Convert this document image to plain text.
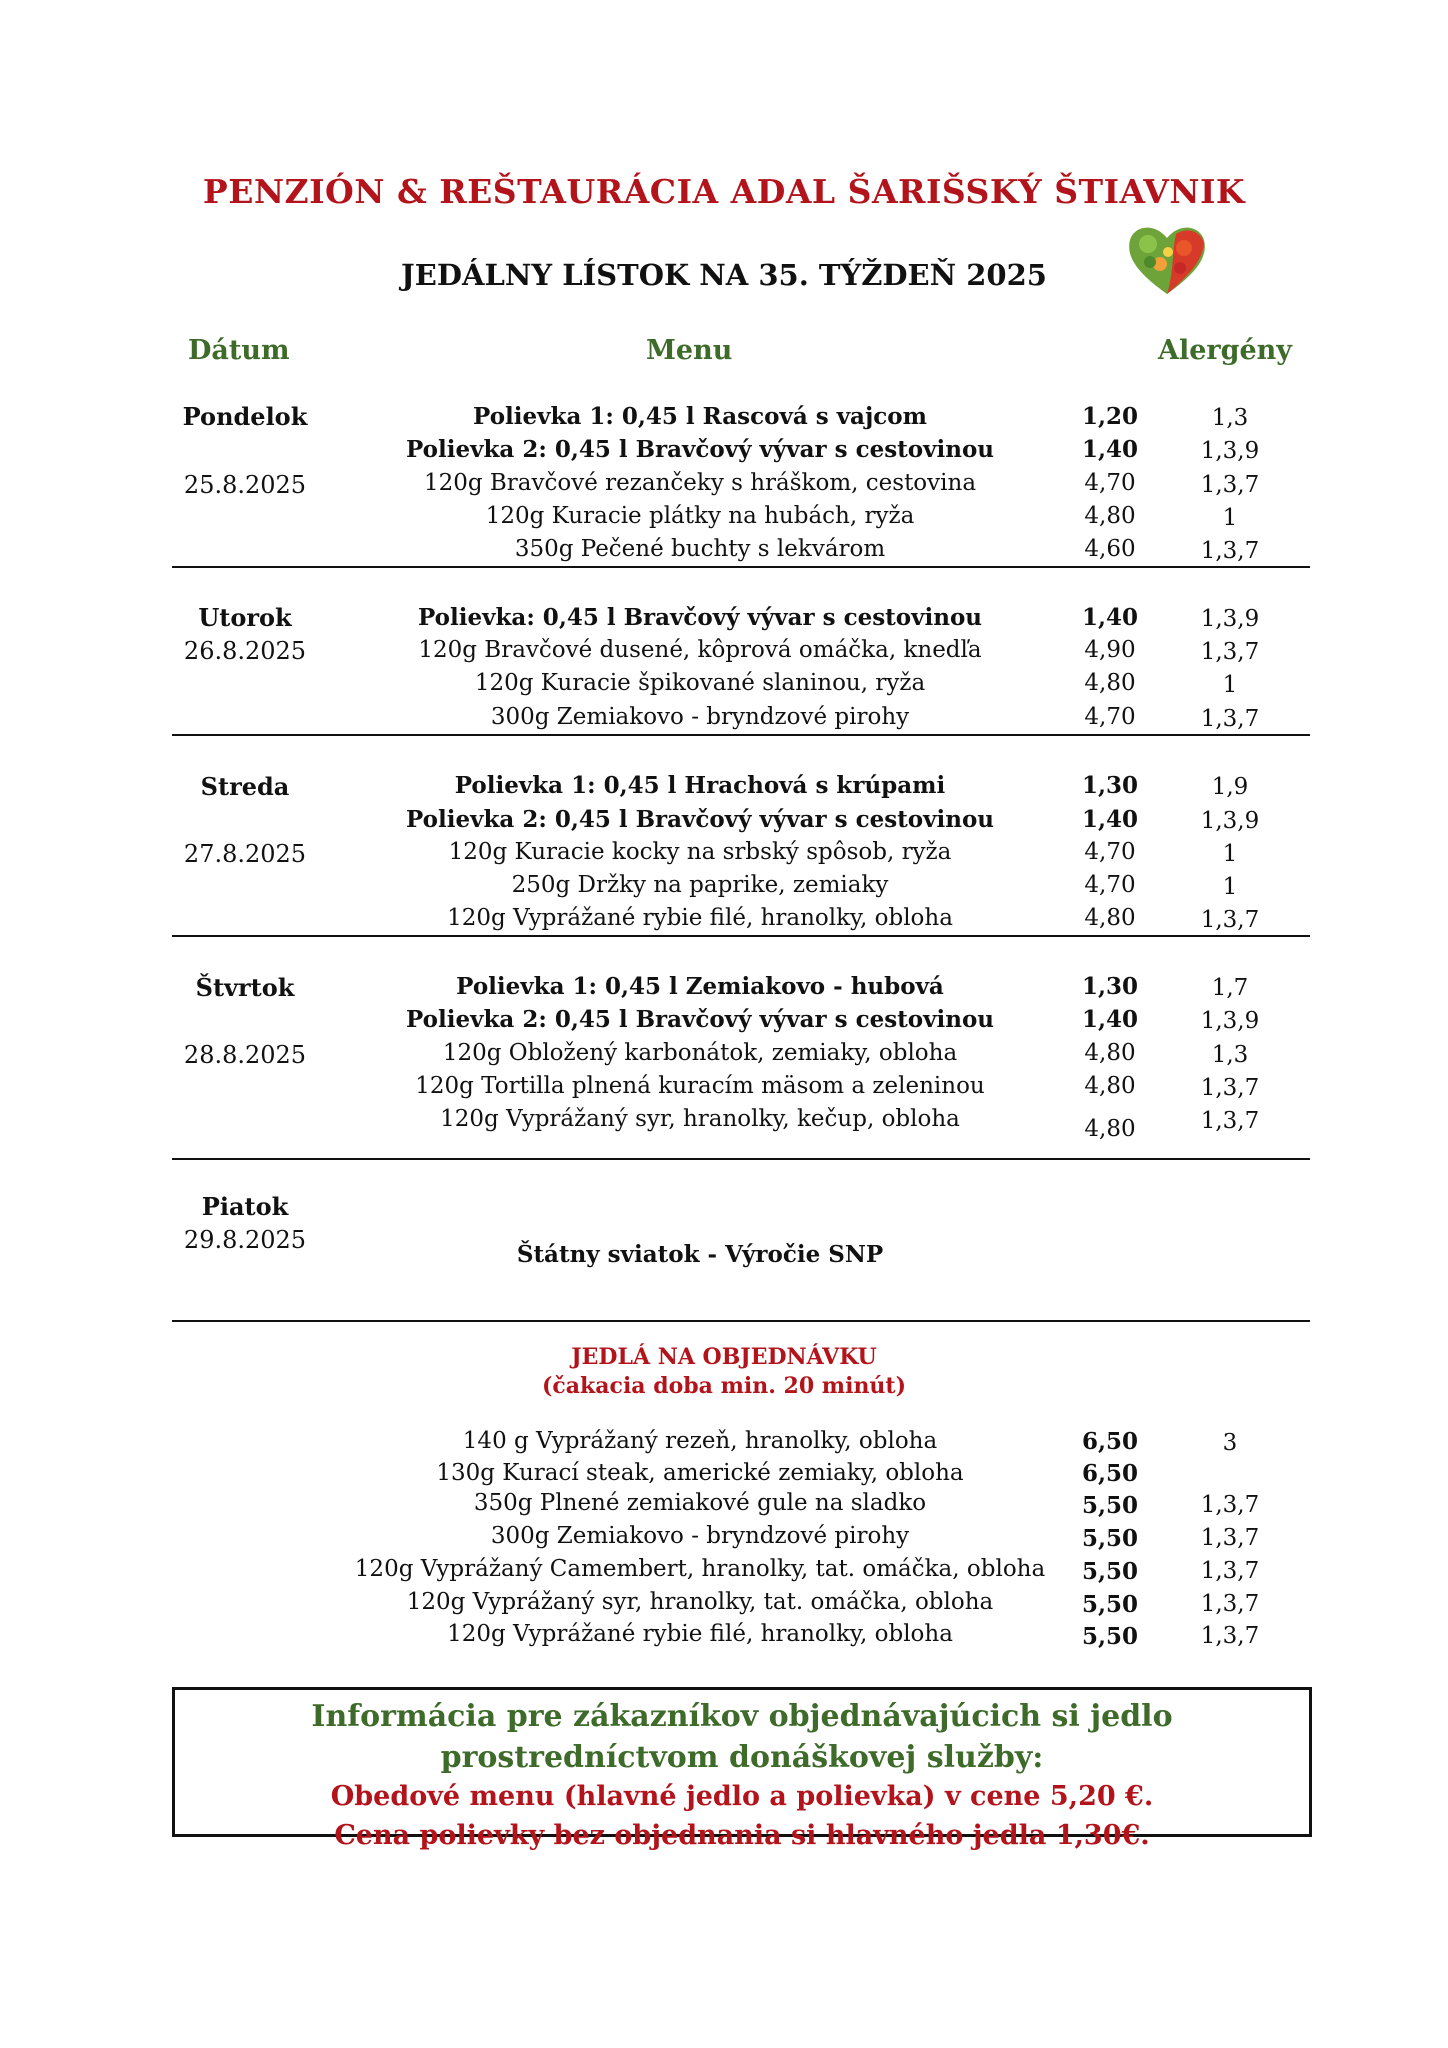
PENZIÓN & REŠTAURÁCIA ADAL ŠARIŠSKÝ ŠTIAVNIK
JEDÁLNY LÍSTOK NA 35. TÝŽDEŇ 2025
Dátum	Menu	Alergény
Pondelok
25.8.2025
Polievka 1: 0,45 l Rascová s vajcom	1,20	1,3
Polievka 2: 0,45 l Bravčový vývar s cestovinou	1,40	1,3,9
120g Bravčové rezančeky s hráškom, cestovina	4,70	1,3,7
120g Kuracie plátky na hubách, ryža	4,80	1
350g Pečené buchty s lekvárom	4,60	1,3,7
Utorok
26.8.2025
Polievka: 0,45 l Bravčový vývar s cestovinou	1,40	1,3,9
120g Bravčové dusené, kôprová omáčka, knedľa	4,90	1,3,7
120g Kuracie špikované slaninou, ryža	4,80	1
300g Zemiakovo - bryndzové pirohy	4,70	1,3,7
Streda
27.8.2025
Polievka 1: 0,45 l Hrachová s krúpami	1,30	1,9
Polievka 2: 0,45 l Bravčový vývar s cestovinou	1,40	1,3,9
120g Kuracie kocky na srbský spôsob, ryža	4,70	1
250g Držky na paprike, zemiaky	4,70	1
120g Vyprážané rybie filé, hranolky, obloha	4,80	1,3,7
Štvrtok
28.8.2025
Polievka 1: 0,45 l Zemiakovo - hubová	1,30	1,7
Polievka 2: 0,45 l Bravčový vývar s cestovinou	1,40	1,3,9
120g Obložený karbonátok, zemiaky, obloha	4,80	1,3
120g Tortilla plnená kuracím mäsom a zeleninou	4,80	1,3,7
120g Vyprážaný syr, hranolky, kečup, obloha	4,80	1,3,7
Piatok
29.8.2025
Štátny sviatok - Výročie SNP
JEDLÁ NA OBJEDNÁVKU
(čakacia doba min. 20 minút)
140 g Vyprážaný rezeň, hranolky, obloha	6,50	3
130g Kurací steak, americké zemiaky, obloha	6,50
350g Plnené zemiakové gule na sladko	5,50	1,3,7
300g Zemiakovo - bryndzové pirohy	5,50	1,3,7
120g Vyprážaný Camembert, hranolky, tat. omáčka, obloha	5,50	1,3,7
120g Vyprážaný syr, hranolky, tat. omáčka, obloha	5,50	1,3,7
120g Vyprážané rybie filé, hranolky, obloha	5,50	1,3,7
Informácia pre zákazníkov objednávajúcich si jedlo
prostredníctvom donáškovej služby:
Obedové menu (hlavné jedlo a polievka) v cene 5,20 €.
Cena polievky bez objednania si hlavného jedla 1,30€.
